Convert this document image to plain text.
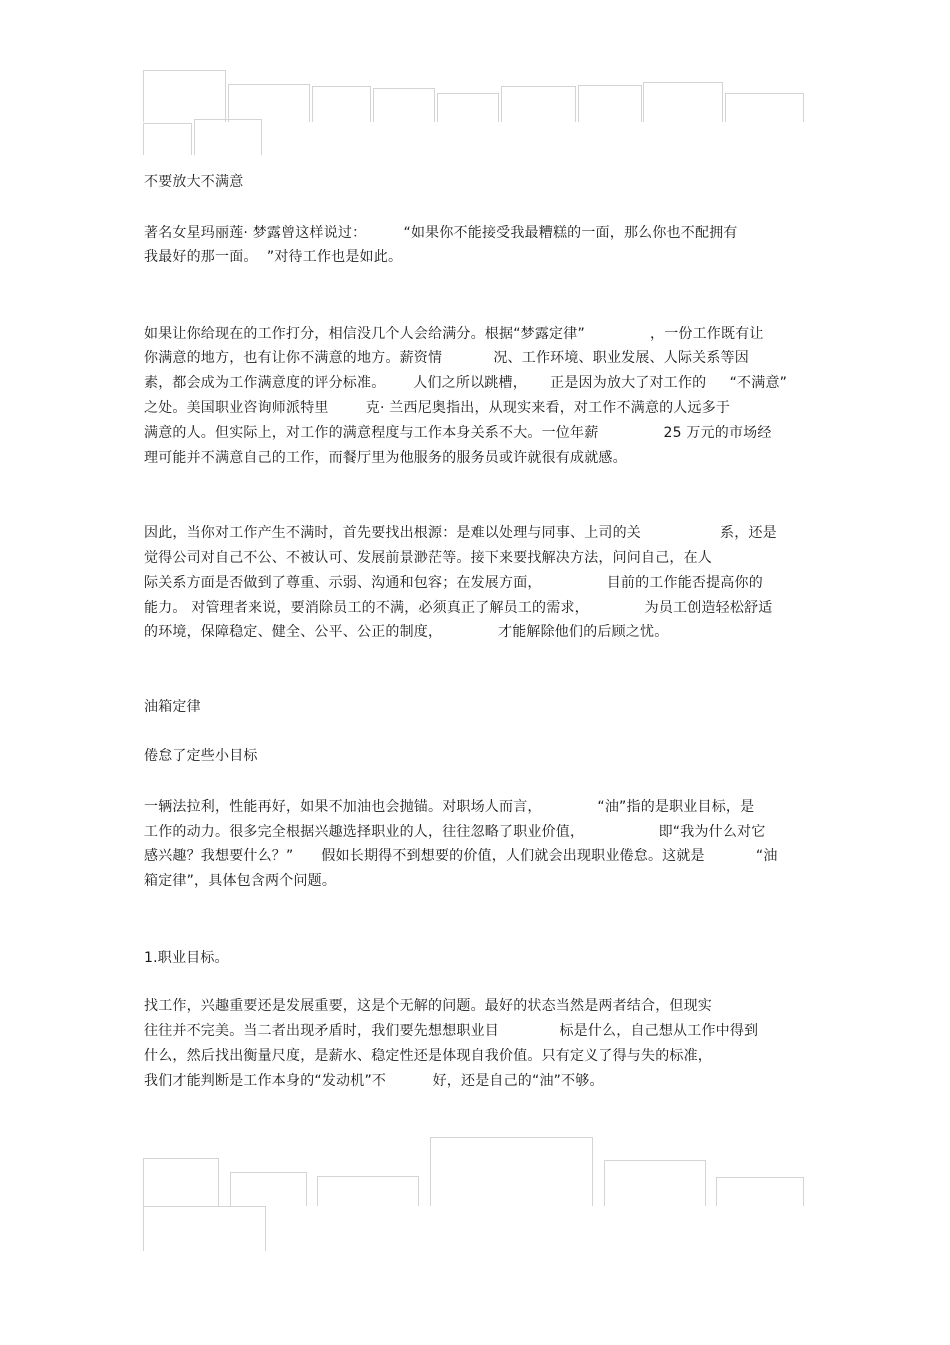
不要放大不满意
著名女星玛丽莲· 梦露曾这样说过：        “如果你不能接受我最糟糕的一面，那么你也不配拥有
我最好的那一面。  ”对待工作也是如此。
如果让你给现在的工作打分，相信没几个人会给满分。根据“梦露定律”              ，一份工作既有让
你满意的地方，也有让你不满意的地方。薪资情           况、工作环境、职业发展、人际关系等因
素，都会成为工作满意度的评分标准。      人们之所以跳槽，     正是因为放大了对工作的     “不满意”
之处。美国职业咨询师派特里        克· 兰西尼奥指出，从现实来看，对工作不满意的人远多于
满意的人。但实际上，对工作的满意程度与工作本身关系不大。一位年薪              25 万元的市场经
理可能并不满意自己的工作，而餐厅里为他服务的服务员或许就很有成就感。
因此，当你对工作产生不满时，首先要找出根源：是难以处理与同事、上司的关                 系，还是
觉得公司对自己不公、不被认可、发展前景渺茫等。接下来要找解决方法，问问自己，在人
际关系方面是否做到了尊重、示弱、沟通和包容；在发展方面，              目前的工作能否提高你的
能力。 对管理者来说，要消除员工的不满，必须真正了解员工的需求，            为员工创造轻松舒适
的环境，保障稳定、健全、公平、公正的制度，            才能解除他们的后顾之忧。
油箱定律
倦怠了定些小目标
一辆法拉利，性能再好，如果不加油也会抛锚。对职场人而言，            “油”指的是职业目标，是
工作的动力。很多完全根据兴趣选择职业的人，往往忽略了职业价值，                即“我为什么对它
感兴趣？我想要什么？”      假如长期得不到想要的价值，人们就会出现职业倦怠。这就是           “油
箱定律”，具体包含两个问题。
1.职业目标。
找工作，兴趣重要还是发展重要，这是个无解的问题。最好的状态当然是两者结合，但现实
往往并不完美。当二者出现矛盾时，我们要先想想职业目             标是什么，自己想从工作中得到
什么，然后找出衡量尺度，是薪水、稳定性还是体现自我价值。只有定义了得与失的标准，
我们才能判断是工作本身的“发动机”不          好，还是自己的“油”不够。
